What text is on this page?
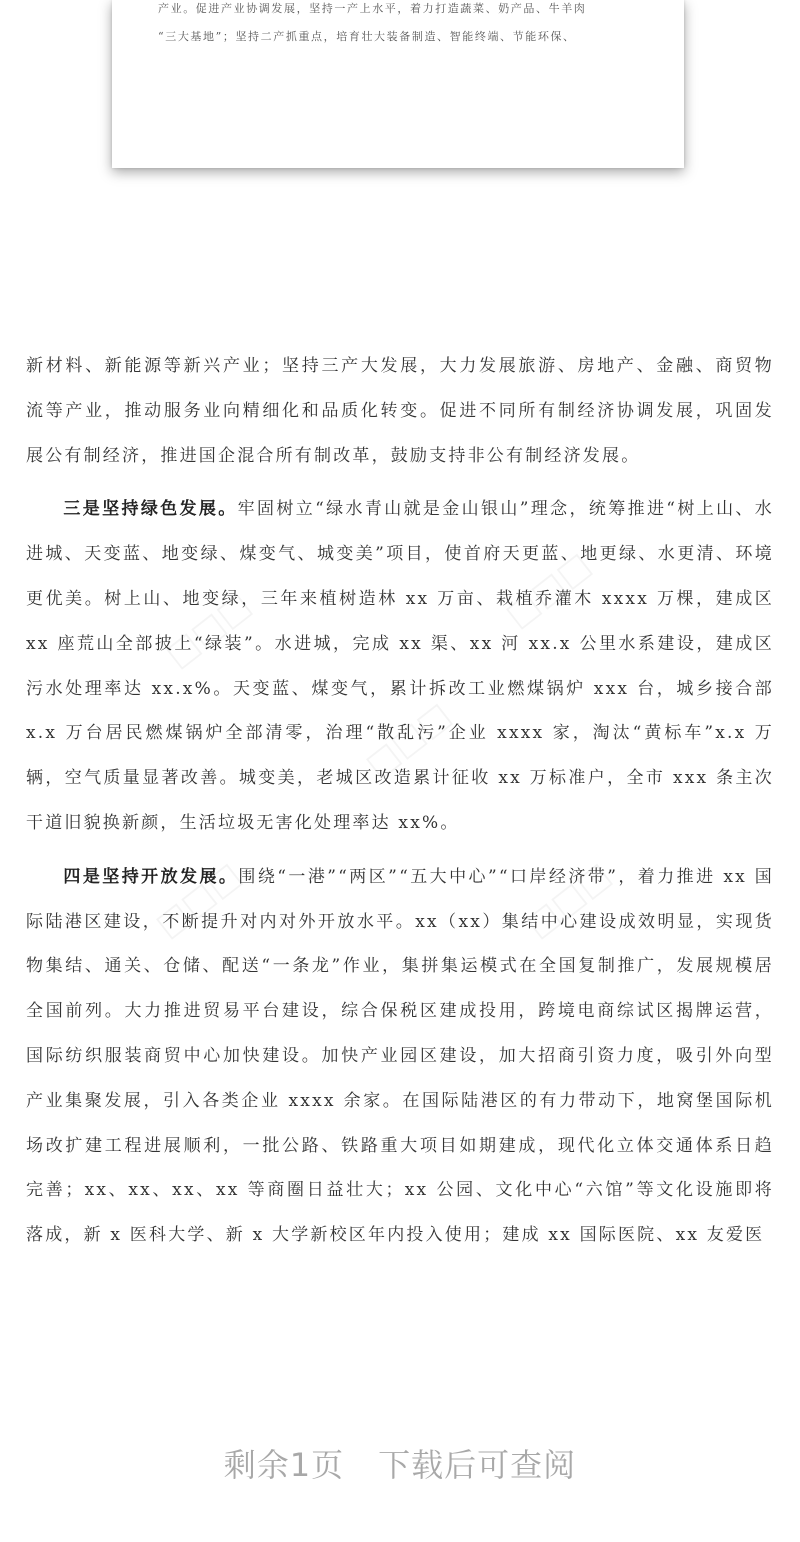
产业。促进产业协调发展，坚持一产上水平，着力打造蔬菜、奶产品、牛羊肉
“三大基地”；坚持二产抓重点，培育壮大装备制造、智能终端、节能环保、

新材料、新能源等新兴产业；坚持三产大发展，大力发展旅游、房地产、金融、商贸物流等产业，推动服务业向精细化和品质化转变。促进不同所有制经济协调发展，巩固发展公有制经济，推进国企混合所有制改革，鼓励支持非公有制经济发展。

三是坚持绿色发展。牢固树立“绿水青山就是金山银山”理念，统筹推进“树上山、水进城、天变蓝、地变绿、煤变气、城变美”项目，使首府天更蓝、地更绿、水更清、环境更优美。树上山、地变绿，三年来植树造林 xx 万亩、栽植乔灌木 xxxx 万棵，建成区 xx 座荒山全部披上“绿装”。水进城，完成 xx 渠、xx 河 xx.x 公里水系建设，建成区污水处理率达 xx.x%。天变蓝、煤变气，累计拆改工业燃煤锅炉 xxx 台，城乡接合部 x.x 万台居民燃煤锅炉全部清零，治理“散乱污”企业 xxxx 家，淘汰“黄标车”x.x 万辆，空气质量显著改善。城变美，老城区改造累计征收 xx 万标准户，全市 xxx 条主次干道旧貌换新颜，生活垃圾无害化处理率达 xx%。

四是坚持开放发展。围绕“一港”“两区”“五大中心”“口岸经济带”，着力推进 xx 国际陆港区建设，不断提升对内对外开放水平。xx（xx）集结中心建设成效明显，实现货物集结、通关、仓储、配送“一条龙”作业，集拼集运模式在全国复制推广，发展规模居全国前列。大力推进贸易平台建设，综合保税区建成投用，跨境电商综试区揭牌运营，国际纺织服装商贸中心加快建设。加快产业园区建设，加大招商引资力度，吸引外向型产业集聚发展，引入各类企业 xxxx 余家。在国际陆港区的有力带动下，地窝堡国际机场改扩建工程进展顺利，一批公路、铁路重大项目如期建成，现代化立体交通体系日趋完善；xx、xx、xx、xx 等商圈日益壮大；xx 公园、文化中心“六馆”等文化设施即将落成，新 x 医科大学、新 x 大学新校区年内投入使用；建成 xx 国际医院、xx 友爱医

剩余1页 下载后可查阅
